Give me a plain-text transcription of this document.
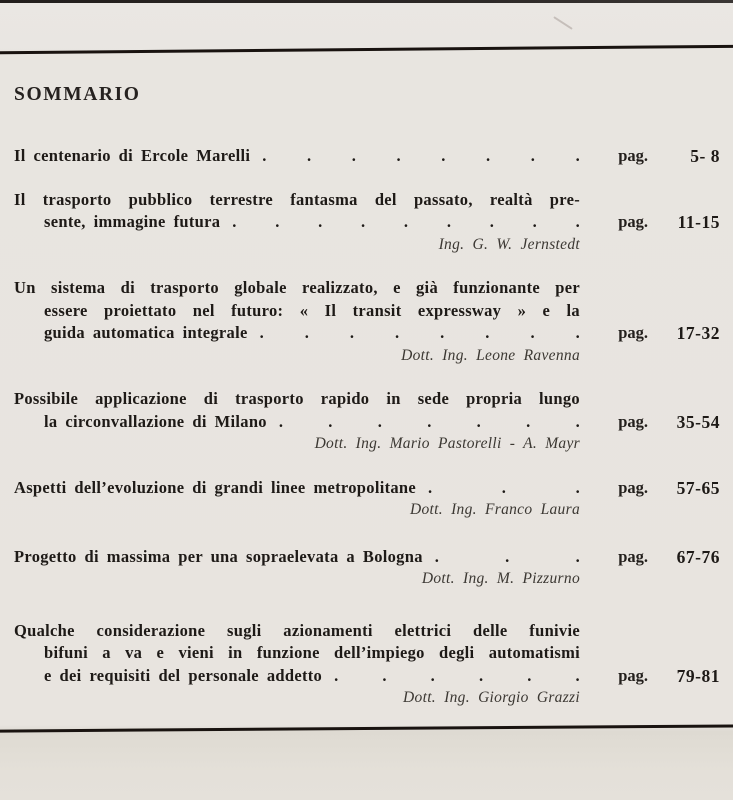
SOMMARIO
Il centenario di Ercole Marelli . . . . . . . .	pag.	5- 8
Il trasporto pubblico terrestre fantasma del passato, realtà pre-
sente, immagine futura . . . . . . . . .	pag.	11-15
Ing. G. W. Jernstedt
Un sistema di trasporto globale realizzato, e già funzionante per
essere proiettato nel futuro: « Il transit expressway » e la
guida automatica integrale . . . . . . . .	pag.	17-32
Dott. Ing. Leone Ravenna
Possibile applicazione di trasporto rapido in sede propria lungo
la circonvallazione di Milano . . . . . . .	pag.	35-54
Dott. Ing. Mario Pastorelli - A. Mayr
Aspetti dell’evoluzione di grandi linee metropolitane . . .	pag.	57-65
Dott. Ing. Franco Laura
Progetto di massima per una sopraelevata a Bologna . . .	pag.	67-76
Dott. Ing. M. Pizzurno
Qualche considerazione sugli azionamenti elettrici delle funivie
bifuni a va e vieni in funzione dell’impiego degli automatismi
e dei requisiti del personale addetto . . . . . .	pag.	79-81
Dott. Ing. Giorgio Grazzi
